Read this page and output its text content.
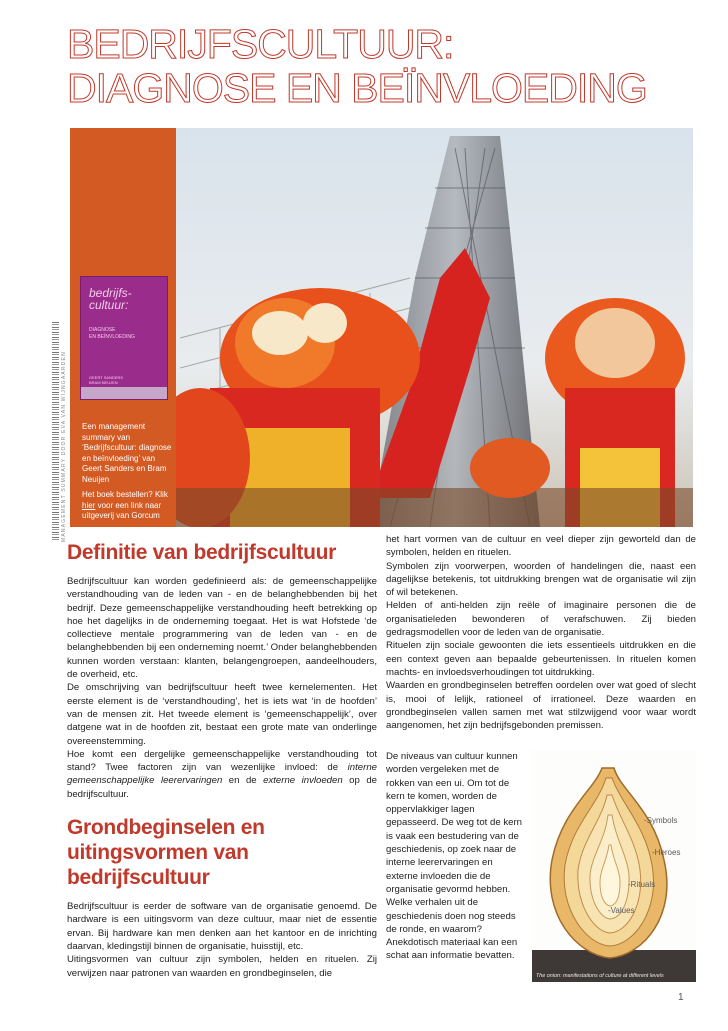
MANAGEMENT SUMMARY DOOR EVA VAN WIJNGAARDEN
BEDRIJFSCULTUUR:
DIAGNOSE EN BEÏNVLOEDING
bedrijfs-
cultuur:
DIAGNOSE
EN BEÏNVLOEDING
GEERT SANDERS
BRAM NEUJEN

Een management summary van ‘Bedrijfscultuur: diagnose en beïnvloeding’ van Geert Sanders en Bram Neuijen

Het boek bestellen? Klik hier voor een link naar uitgeverij van Gorcum

Definitie van bedrijfscultuur

Bedrijfscultuur kan worden gedefinieerd als: de gemeenschappelijke verstandhouding van de leden van - en de belanghebbenden bij het bedrijf. Deze gemeenschappelijke verstandhouding heeft betrekking op hoe het dagelijks in de onderneming toegaat. Het is wat Hofstede ‘de collectieve mentale programmering van de leden van - en de belanghebbenden bij een onderneming noemt.’ Onder belanghebbenden kunnen worden verstaan: klanten, belangengroepen, aandeelhouders, de overheid, etc.

De omschrijving van bedrijfscultuur heeft twee kernelementen. Het eerste element is de ‘verstandhouding’, het is iets wat ‘in de hoofden’ van de mensen zit. Het tweede element is ‘gemeenschappelijk’, over datgene wat in de hoofden zit, bestaat een grote mate van onderlinge overeenstemming.

Hoe komt een dergelijke gemeenschappelijke verstandhouding tot stand? Twee factoren zijn van wezenlijke invloed: de interne gemeenschappelijke leerervaringen en de externe invloeden op de bedrijfscultuur.

Grondbeginselen en uitingsvormen van bedrijfscultuur

Bedrijfscultuur is eerder de software van de organisatie genoemd. De hardware is een uitingsvorm van deze cultuur, maar niet de essentie ervan. Bij hardware kan men denken aan het kantoor en de inrichting daarvan, kledingstijl binnen de organisatie, huisstijl, etc.

Uitingsvormen van cultuur zijn symbolen, helden en rituelen. Zij verwijzen naar patronen van waarden en grondbeginselen, die

het hart vormen van de cultuur en veel dieper zijn geworteld dan de symbolen, helden en rituelen.

Symbolen zijn voorwerpen, woorden of handelingen die, naast een dagelijkse betekenis, tot uitdrukking brengen wat de organisatie wil zijn of wil betekenen.

Helden of anti-helden zijn reële of imaginaire personen die de organisatieleden bewonderen of verafschuwen. Zij bieden gedragsmodellen voor de leden van de organisatie.

Rituelen zijn sociale gewoonten die iets essentieels uitdrukken en die een context geven aan bepaalde gebeurtenissen. In rituelen komen machts- en invloedsverhoudingen tot uitdrukking.

Waarden en grondbeginselen betreffen oordelen over wat goed of slecht is, mooi of lelijk, rationeel of irrationeel. Deze waarden en grondbeginselen vallen samen met wat stilzwijgend voor waar wordt aangenomen, het zijn bedrijfsgebonden premissen.

De niveaus van cultuur kunnen worden vergeleken met de rokken van een ui. Om tot de kern te komen, worden de oppervlakkiger lagen gepasseerd. De weg tot de kern is vaak een bestudering van de geschiedenis, op zoek naar de interne leerervaringen en externe invloeden die de organisatie gevormd hebben. Welke verhalen uit de geschiedenis doen nog steeds de ronde, en waarom? Anekdotisch materiaal kan een schat aan informatie bevatten.

-Symbols
-Heroes
-Rituals
-Values
The onion: manifestations of culture at different levels
1
